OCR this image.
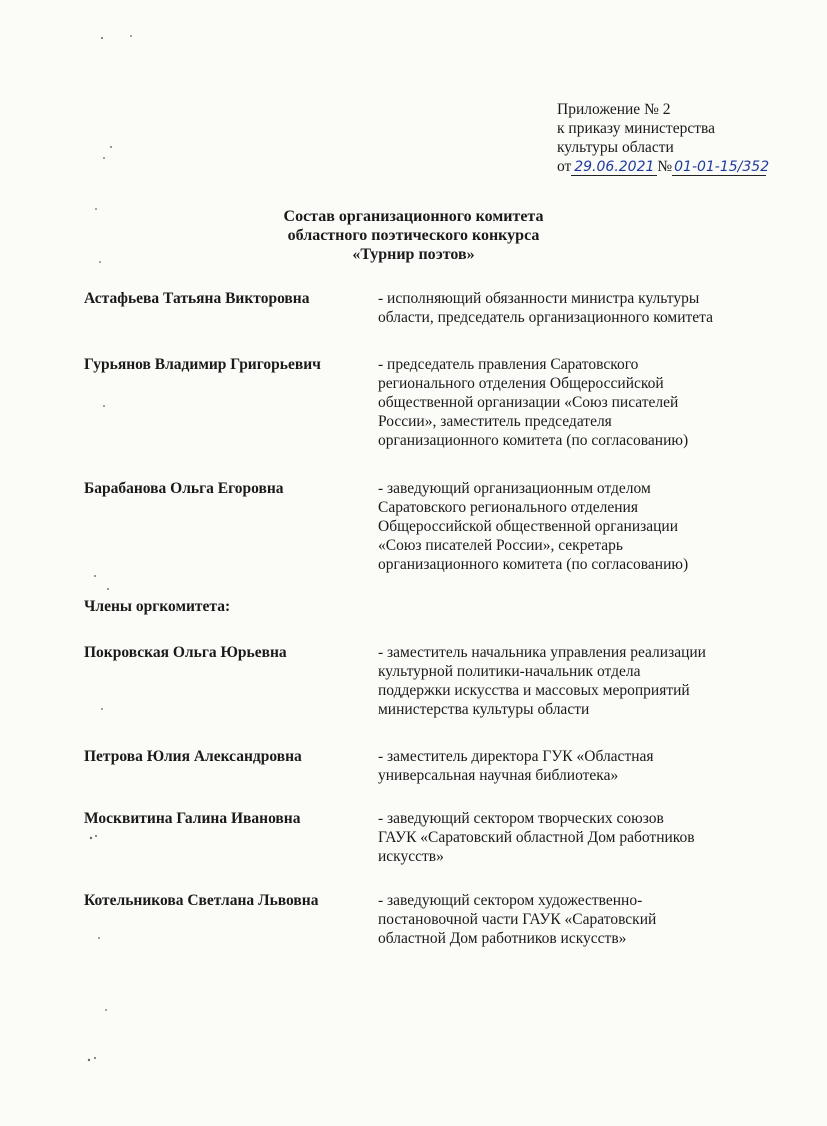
Приложение № 2
к приказу министерства
культуры области
от 29.06.2021 № 01-01-15/352
Состав организационного комитета
областного поэтического конкурса
«Турнир поэтов»
Астафьева Татьяна Викторовна	- исполняющий обязанности министра культуры
области, председатель организационного комитета
Гурьянов Владимир Григорьевич	- председатель правления Саратовского
регионального отделения Общероссийской
общественной организации «Союз писателей
России», заместитель председателя
организационного комитета (по согласованию)
Барабанова Ольга Егоровна	- заведующий организационным отделом
Саратовского регионального отделения
Общероссийской общественной организации
«Союз писателей России», секретарь
организационного комитета (по согласованию)
Члены оргкомитета:
Покровская Ольга Юрьевна	- заместитель начальника управления реализации
культурной политики-начальник отдела
поддержки искусства и массовых мероприятий
министерства культуры области
Петрова Юлия Александровна	- заместитель директора ГУК «Областная
универсальная научная библиотека»
Москвитина Галина Ивановна	- заведующий сектором творческих союзов
ГАУК «Саратовский областной Дом работников
искусств»
Котельникова Светлана Львовна	- заведующий сектором художественно-
постановочной части ГАУК «Саратовский
областной Дом работников искусств»
